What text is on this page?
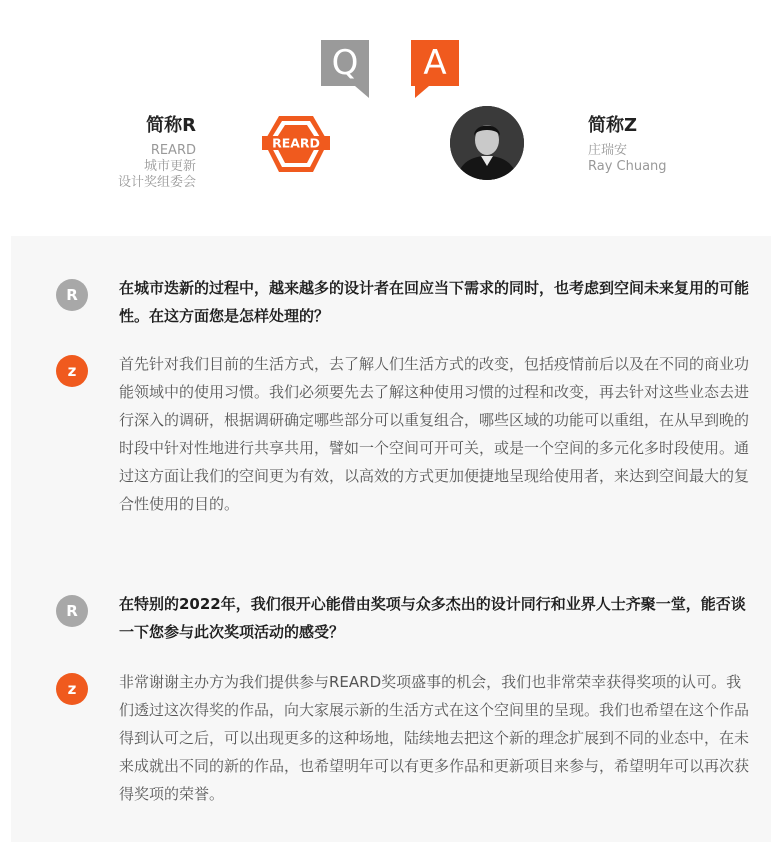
Q	A
简称R
REARD
城市更新
设计奖组委会
REARD
简称Z
庄瑞安
Ray Chuang
R	在城市迭新的过程中，越来越多的设计者在回应当下需求的同时，也考虑到空间未来复用的可能性。在这方面您是怎样处理的？
z	首先针对我们目前的生活方式，去了解人们生活方式的改变，包括疫情前后以及在不同的商业功能领域中的使用习惯。我们必须要先去了解这种使用习惯的过程和改变，再去针对这些业态去进行深入的调研，根据调研确定哪些部分可以重复组合，哪些区域的功能可以重组，在从早到晚的时段中针对性地进行共享共用，譬如一个空间可开可关，或是一个空间的多元化多时段使用。通过这方面让我们的空间更为有效，以高效的方式更加便捷地呈现给使用者，来达到空间最大的复合性使用的目的。
R	在特别的2022年，我们很开心能借由奖项与众多杰出的设计同行和业界人士齐聚一堂，能否谈一下您参与此次奖项活动的感受？
z	非常谢谢主办方为我们提供参与REARD奖项盛事的机会，我们也非常荣幸获得奖项的认可。我们透过这次得奖的作品，向大家展示新的生活方式在这个空间里的呈现。我们也希望在这个作品得到认可之后，可以出现更多的这种场地，陆续地去把这个新的理念扩展到不同的业态中，在未来成就出不同的新的作品，也希望明年可以有更多作品和更新项目来参与，希望明年可以再次获得奖项的荣誉。
